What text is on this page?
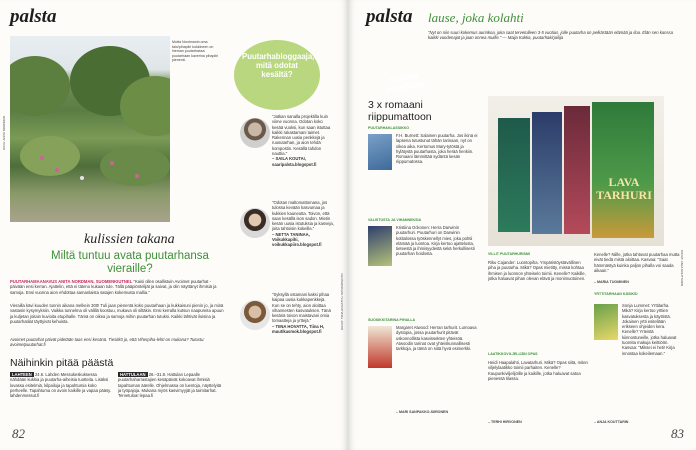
palsta
Mutta Nordmanin oma talo/pihapiiri kukkineen on hieman puutarhassa puutarhaan kaverina pihapiiri pienenä.
KUVA: ANITA NORDMAN
kulissien takana
Miltä tuntuu avata puutarhansa vieraille?
PUUTARHAMAANAVUS ANITA NORDMAN, SUOMENKIUTNEL "Kaisi ollen osallistuin Avoimet puutarhat -päivään ensi kerran. Ajattelin, että ei täteno kukaan tule. Tällä pääpiöntelijät ja saivat, ja olin näyttänyt ihmisiä ja samoja. Ensi vuonna aion ehdottaa samanlaista satajen kokemusta mallia."
Vierailla kävi kuuden tunnin aikana melkein 300! Tuli jaan pienentä koko puutarhaan ja kukkaisuni pienin jo, ja minä vastasin kysymyksiin. Vaikka tunnelma oli välillä koostuu, mukava oli siltäkin. Ensi kerralla kutsun naapureita apuun ja kuljetan joitain kuvioita etupihalle. Tämä on oikea ja samoja mihin puutarhan tutuksi. Kaikki lähtivät iloisina ja puutarhatilat täyttyivät kehuista.
Avoimet puutarhat päivät pidetään taas ensi kesänä. Tiesitkö jo, että Viherpiha-lehti on mukana? Tutustu: avoimetpuutarhat.fi
Näihinkin pitää päästä
LAHTEEN 24.6. Lahden Messukeskuksessa nähdään kukkia ja puutarha-aiheisia tuotteita. Lisäksi luvassa esitelmiä, kilpailuja ja tapahtumia koko perheelle. Tapahtuma on avoin kaikille ja vapaa pääsy. lahdenmessut.fi
HATTULAAN 26.–31.8. Hattulan Lepaalle puutarhaharrastajien kesäpäivät kokoavat ihmisiä tapahtuman äärelle. Ohjelmassa on luentoja, näyttelyitä ja työpajoja. Mukana myös kasvimyyjät ja taimitarhat. Tervetuloa! lepaa.fi
Puutarhabloggaaja, mitä odotat kesältä?
"Jatkan sanalla projektilla kuin viime vuonna. Odotan koko kesää vuoksi, kun saan istuttaa kaikki rakastamani taimet. Rakennan uusia penkkejä ja ruusutarhan, ja aion tehdä kompostin. Kesällä tahdon nauttia."
– SAILA KOUTAI, saaripalsta.blogspot.fi
"Odotan maltomattomana, jos tulossa kevään kasvumaa ja kukkien kauneutta. Toivon, että saan kesällä ison sadon. Mietin kesän uusia istutuksia ja kasveja, joita tahtoisin kokeilla."
– NETTA TANINAA, Voikukkapihi, voikukkapiiro.blogspot.fi
"Syksyllä ostamani kaksi pihaa kaipaa uusia kukkapenkkejä. Kun se on tehty, aion aloittaa vihannesten kasvatuksen. Tänä kesänä toivon maistavani omia tomaatteja ja yrttejä."
– TIINA HOVATTA, Tiina H, muutikasmok.blogspot.fi
KUVAT: TIINA HOVATTA / ISTOCKPHOTO
82
palsta lause, joka kolahti
"Nyt on niin suuri kokemus aurinkoa, joka saat tervetulleen 3-5 vuotias, jolle puutarha on pelkästään elämää ja iloa. Elän sen kanssa kaikki vuodenajat ja jaan onnea muille." — Maija Kukka, puutarhakirjailija
toimitus suosittelee
3 x romaani riippumattoon
PUUTARHAKLASSIKKO
F.H. Burnett: Salainen puutarha. Jos ikinä ei lapsena tutustunut tähän tarinaan, nyt on oikea aika. Kertomus Mary-tytöstä ja hylätystä puutarhasta, joka herää henkiin. Romaani lämmittää sydäntä kesän riippumatossa.
VALISTUSTA JA VIHANNEKSIA
Kristiina Ockonen: Herra Darwinin puutarhuri. Puutarhuri on Darwinin kotitalossa työskennellyt mies, joka pohtii elämää ja luontoa. Kirja kertoo ajattelusta, tieteestä ja ihmisyydestä sekä herkullisesti puutarhan hoidosta.
SUOSIKKITARINA PIHALLA
Margaret Atwood: Herran tarhurit. Lumoava dystopia, jossa puutarhurit pitävät uskonnollista kasvissekten yhteisöä. Atwoodin tarinat ovat yhteiskunnallisesti tarkkoja, ja tämä on siitä hyvä esimerkki.
– MARI SANPAKKO-SIIRONEN
LAVA TARHURI
VILLIT PUUTARHURISMI
Riku Cajander: Luontopiha. Ympäristöystävällinen piha ja puutarha. Mikä? Opas mietitty, missä kohtaa ihmisen ja luonnon yhteiselo toimii. Kenelle? Kaikille, jotka haluavat pihan olevan elävä ja monimuotoinen.
LAATIKKOVILJELIJÄN OPAS
Heidi Haapalahti, Lavatarhuri. Mikä? Opas siitä, miten viljelylaatikko toimii parhaiten. Kenelle? Kaupunkiviljelijöille ja kaikille, jotka haluavat satoa pienessä tilassa.
– TERHI HIRVONEN
Kenelle? Niille, jotka tahtovat puutarhaa mutta eivät tiedä mistä aloittaa. Kasvaa: "Saat hämmästyä kuinka paljon pihalla voi saada aikaan."
– MARIA TUOMINEN
YRTTITARHAAN KÄSIKSI
Sonja Lummet: Yrttitarha. Mikä? Kirja kertoo yrttien kasvatuksesta ja käytöstä. Jokainen yrtti esitellään erikseen ohjeiden kera. Kenelle? Yrteistä kiinnostuneille, jotka haluavat tuoreita makuja keittiöön. Kasvaa: "Miksei ei heti! Kirja innostaa kokeilemaan."
– ANJA KOUTTARIN
KUVAT: ANJA KOUTTARIN
83
